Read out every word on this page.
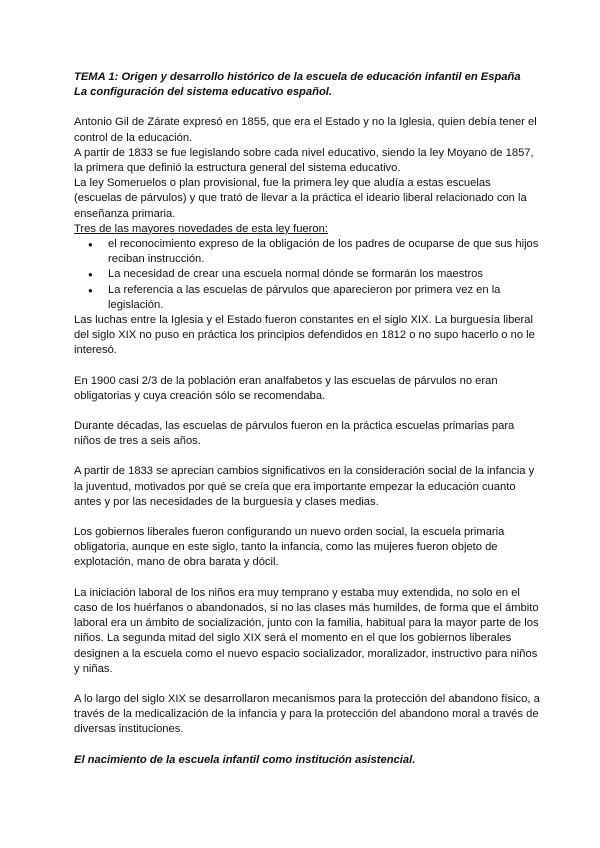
TEMA 1: Origen y desarrollo histórico de la escuela de educación infantil en España
La configuración del sistema educativo español.

Antonio Gil de Zárate expresó en 1855, que era el Estado y no la Iglesia, quien debía tener el control de la educación.

A partir de 1833 se fue legislando sobre cada nivel educativo, siendo la ley Moyano de 1857, la primera que definió la estructura general del sistema educativo.

La ley Someruelos o plan provisional, fue la primera ley que aludía a estas escuelas (escuelas de párvulos) y que trató de llevar a la práctica el ideario liberal relacionado con la enseñanza primaria.

Tres de las mayores novedades de esta ley fueron:

● el reconocimiento expreso de la obligación de los padres de ocuparse de que sus hijos reciban instrucción.
● La necesidad de crear una escuela normal dónde se formarán los maestros
● La referencia a las escuelas de párvulos que aparecieron por primera vez en la legislación.

Las luchas entre la Iglesia y el Estado fueron constantes en el siglo XIX. La burguesía liberal del siglo XIX no puso en práctica los principios defendidos en 1812 o no supo hacerlo o no le interesó.

En 1900 casi 2/3 de la población eran analfabetos y las escuelas de párvulos no eran obligatorias y cuya creación sólo se recomendaba.

Durante décadas, las escuelas de párvulos fueron en la práctica escuelas primarias para niños de tres a seis años.

A partir de 1833 se aprecian cambios significativos en la consideración social de la infancia y la juventud, motivados por qué se creía que era importante empezar la educación cuanto antes y por las necesidades de la burguesía y clases medias.

Los gobiernos liberales fueron configurando un nuevo orden social, la escuela primaria obligatoria, aunque en este siglo, tanto la infancia, como las mujeres fueron objeto de explotación, mano de obra barata y dócil.

La iniciación laboral de los niños era muy temprano y estaba muy extendida, no solo en el caso de los huérfanos o abandonados, si no las clases más humildes, de forma que el ámbito laboral era un ámbito de socialización, junto con la familia, habitual para la mayor parte de los niños. La segunda mitad del siglo XIX será el momento en el que los gobiernos liberales designen a la escuela como el nuevo espacio socializador, moralizador, instructivo para niños y niñas.

A lo largo del siglo XIX se desarrollaron mecanismos para la protección del abandono físico, a través de la medicalización de la infancia y para la protección del abandono moral a través de diversas instituciones.

El nacimiento de la escuela infantil como institución asistencial.
